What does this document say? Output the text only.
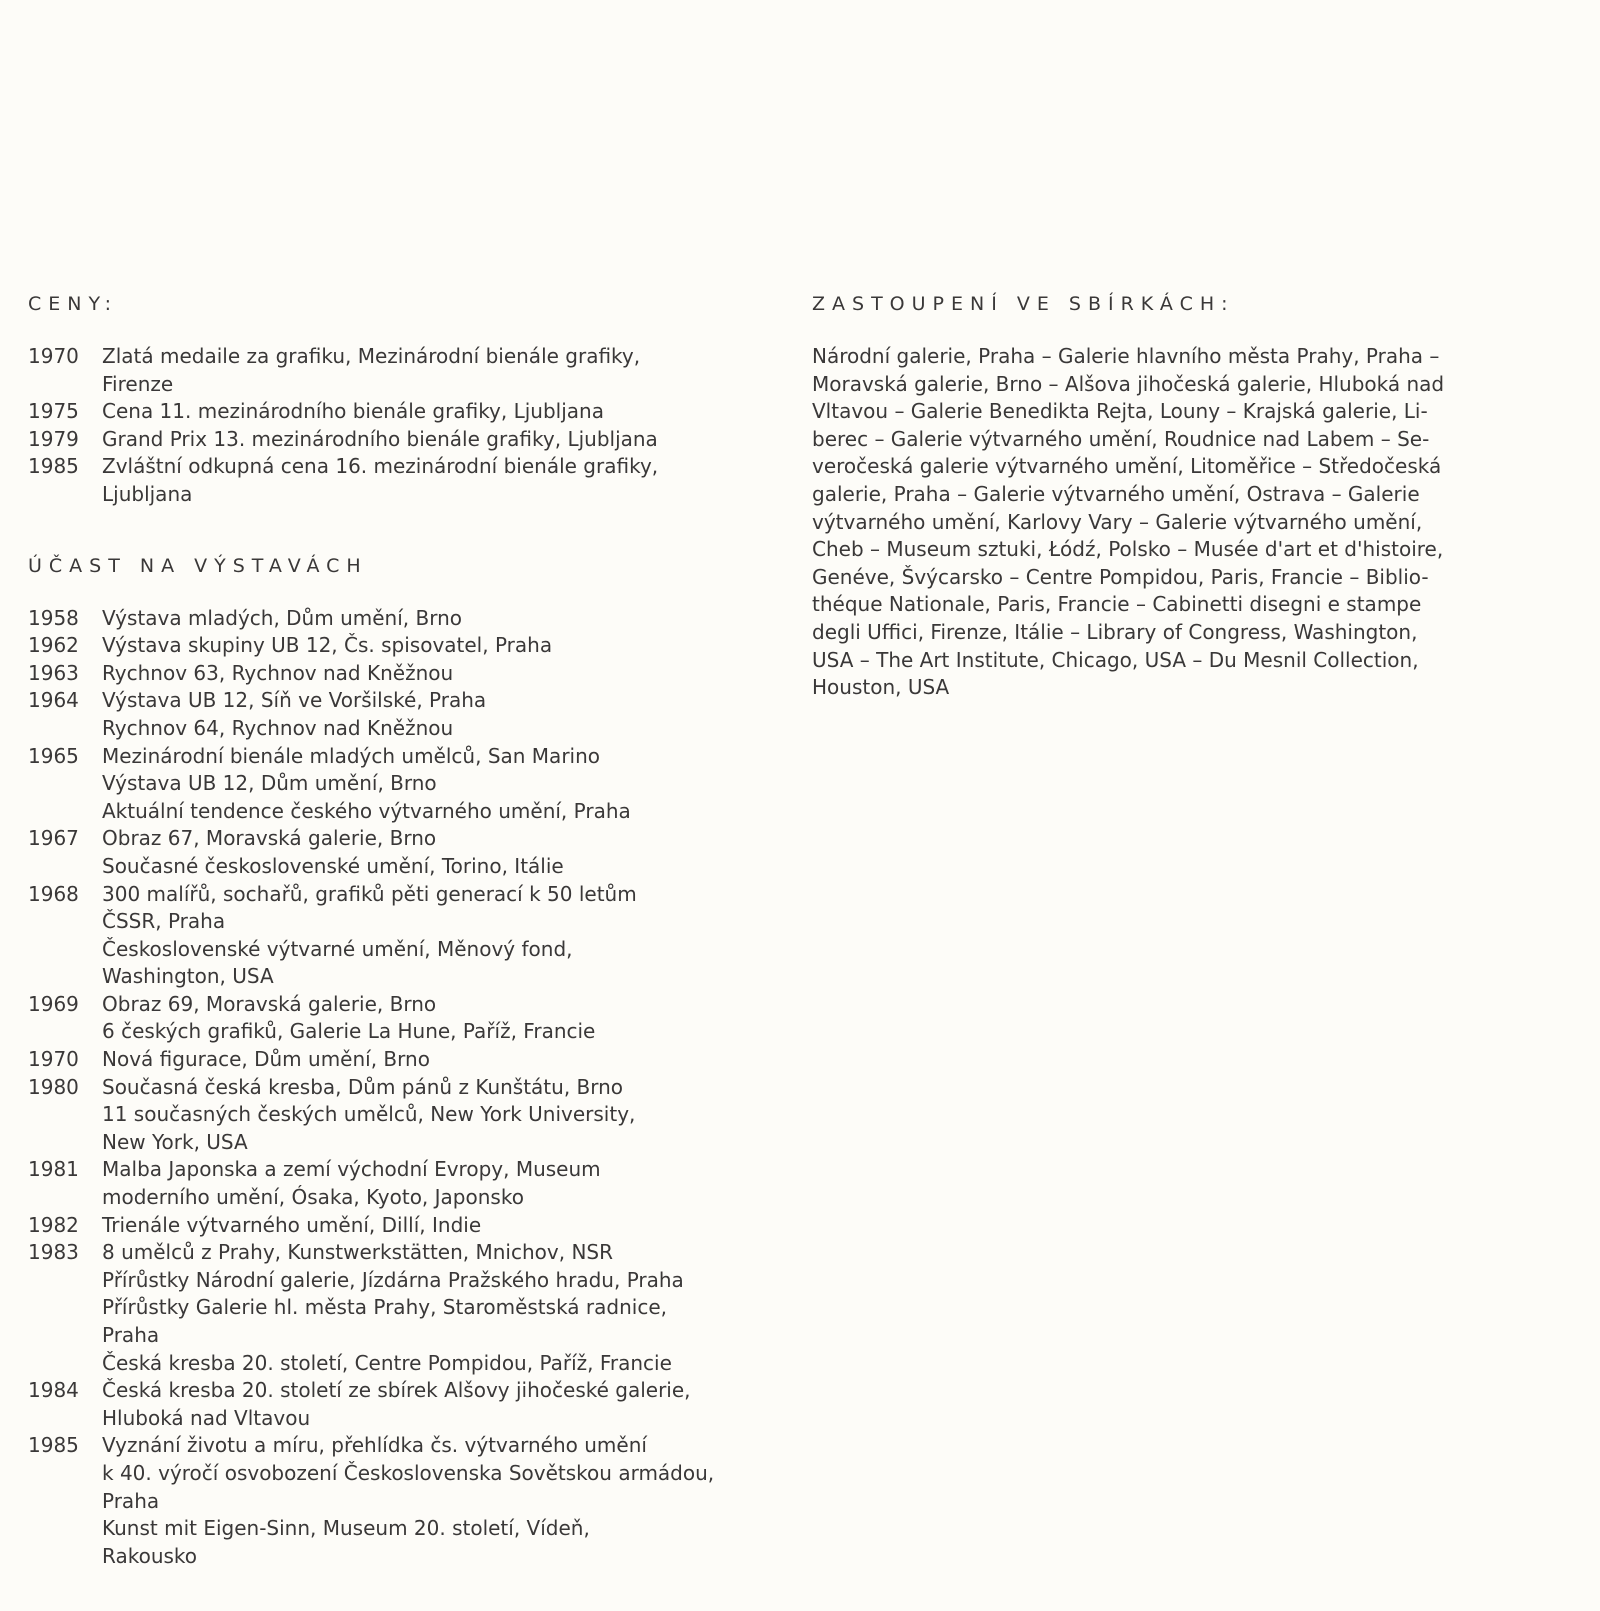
CENY:
1970	Zlatá medaile za grafiku, Mezinárodní bienále grafiky,
Firenze
1975	Cena 11. mezinárodního bienále grafiky, Ljubljana
1979	Grand Prix 13. mezinárodního bienále grafiky, Ljubljana
1985	Zvláštní odkupná cena 16. mezinárodní bienále grafiky,
Ljubljana
ÚČAST NA VÝSTAVÁCH
1958	Výstava mladých, Dům umění, Brno
1962	Výstava skupiny UB 12, Čs. spisovatel, Praha
1963	Rychnov 63, Rychnov nad Kněžnou
1964	Výstava UB 12, Síň ve Voršilské, Praha
Rychnov 64, Rychnov nad Kněžnou
1965	Mezinárodní bienále mladých umělců, San Marino
Výstava UB 12, Dům umění, Brno
Aktuální tendence českého výtvarného umění, Praha
1967	Obraz 67, Moravská galerie, Brno
Současné československé umění, Torino, Itálie
1968	300 malířů, sochařů, grafiků pěti generací k 50 letům
ČSSR, Praha
Československé výtvarné umění, Měnový fond,
Washington, USA
1969	Obraz 69, Moravská galerie, Brno
6 českých grafiků, Galerie La Hune, Paříž, Francie
1970	Nová figurace, Dům umění, Brno
1980	Současná česká kresba, Dům pánů z Kunštátu, Brno
11 současných českých umělců, New York University,
New York, USA
1981	Malba Japonska a zemí východní Evropy, Museum
moderního umění, Ósaka, Kyoto, Japonsko
1982	Trienále výtvarného umění, Dillí, Indie
1983	8 umělců z Prahy, Kunstwerkstätten, Mnichov, NSR
Přírůstky Národní galerie, Jízdárna Pražského hradu, Praha
Přírůstky Galerie hl. města Prahy, Staroměstská radnice,
Praha
Česká kresba 20. století, Centre Pompidou, Paříž, Francie
1984	Česká kresba 20. století ze sbírek Alšovy jihočeské galerie,
Hluboká nad Vltavou
1985	Vyznání životu a míru, přehlídka čs. výtvarného umění
k 40. výročí osvobození Československa Sovětskou armádou,
Praha
Kunst mit Eigen-Sinn, Museum 20. století, Vídeň,
Rakousko
ZASTOUPENÍ VE SBÍRKÁCH:
Národní galerie, Praha – Galerie hlavního města Prahy, Praha –
Moravská galerie, Brno – Alšova jihočeská galerie, Hluboká nad
Vltavou – Galerie Benedikta Rejta, Louny – Krajská galerie, Li-
berec – Galerie výtvarného umění, Roudnice nad Labem – Se-
veročeská galerie výtvarného umění, Litoměřice – Středočeská
galerie, Praha – Galerie výtvarného umění, Ostrava – Galerie
výtvarného umění, Karlovy Vary – Galerie výtvarného umění,
Cheb – Museum sztuki, Łódź, Polsko – Musée d'art et d'histoire,
Genéve, Švýcarsko – Centre Pompidou, Paris, Francie – Biblio-
théque Nationale, Paris, Francie – Cabinetti disegni e stampe
degli Uffici, Firenze, Itálie – Library of Congress, Washington,
USA – The Art Institute, Chicago, USA – Du Mesnil Collection,
Houston, USA
